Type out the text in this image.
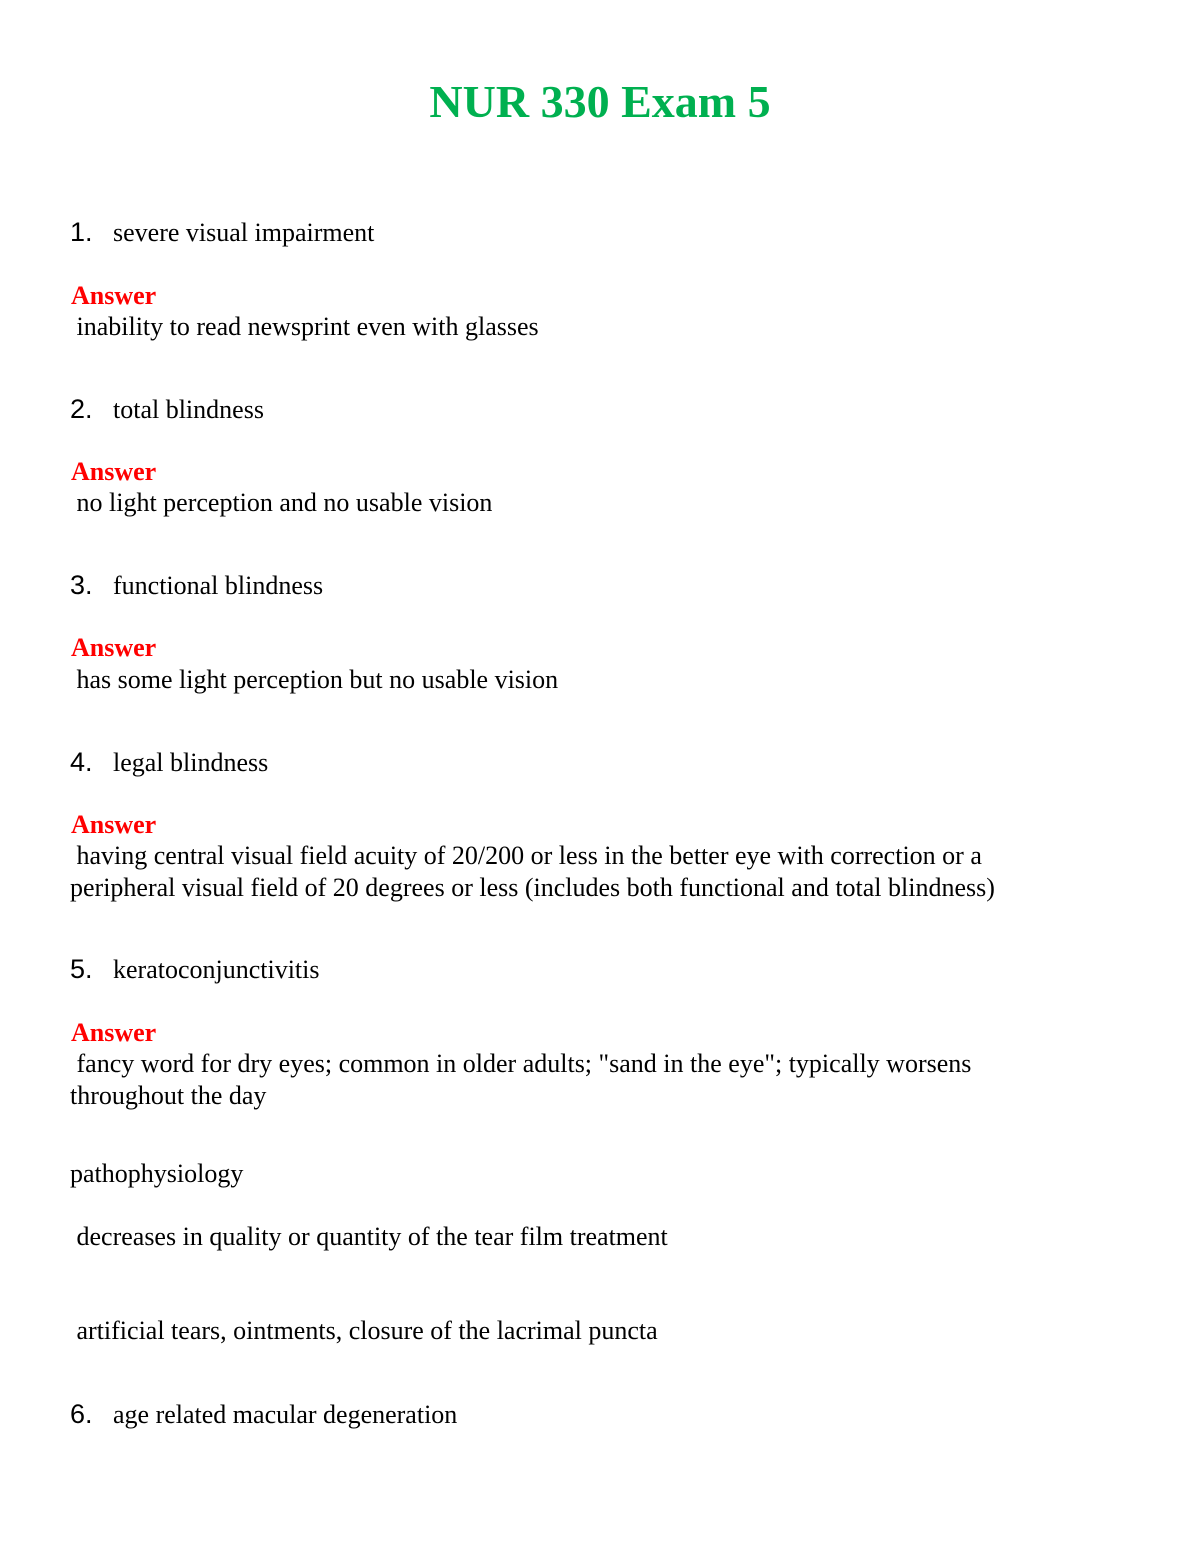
NUR 330 Exam 5
1. severe visual impairment
Answer
inability to read newsprint even with glasses
2. total blindness
Answer
no light perception and no usable vision
3. functional blindness
Answer
has some light perception but no usable vision
4. legal blindness
Answer
having central visual field acuity of 20/200 or less in the better eye with correction or a
peripheral visual field of 20 degrees or less (includes both functional and total blindness)
5. keratoconjunctivitis
Answer
fancy word for dry eyes; common in older adults; "sand in the eye"; typically worsens
throughout the day
pathophysiology
decreases in quality or quantity of the tear film treatment
artificial tears, ointments, closure of the lacrimal puncta
6. age related macular degeneration
